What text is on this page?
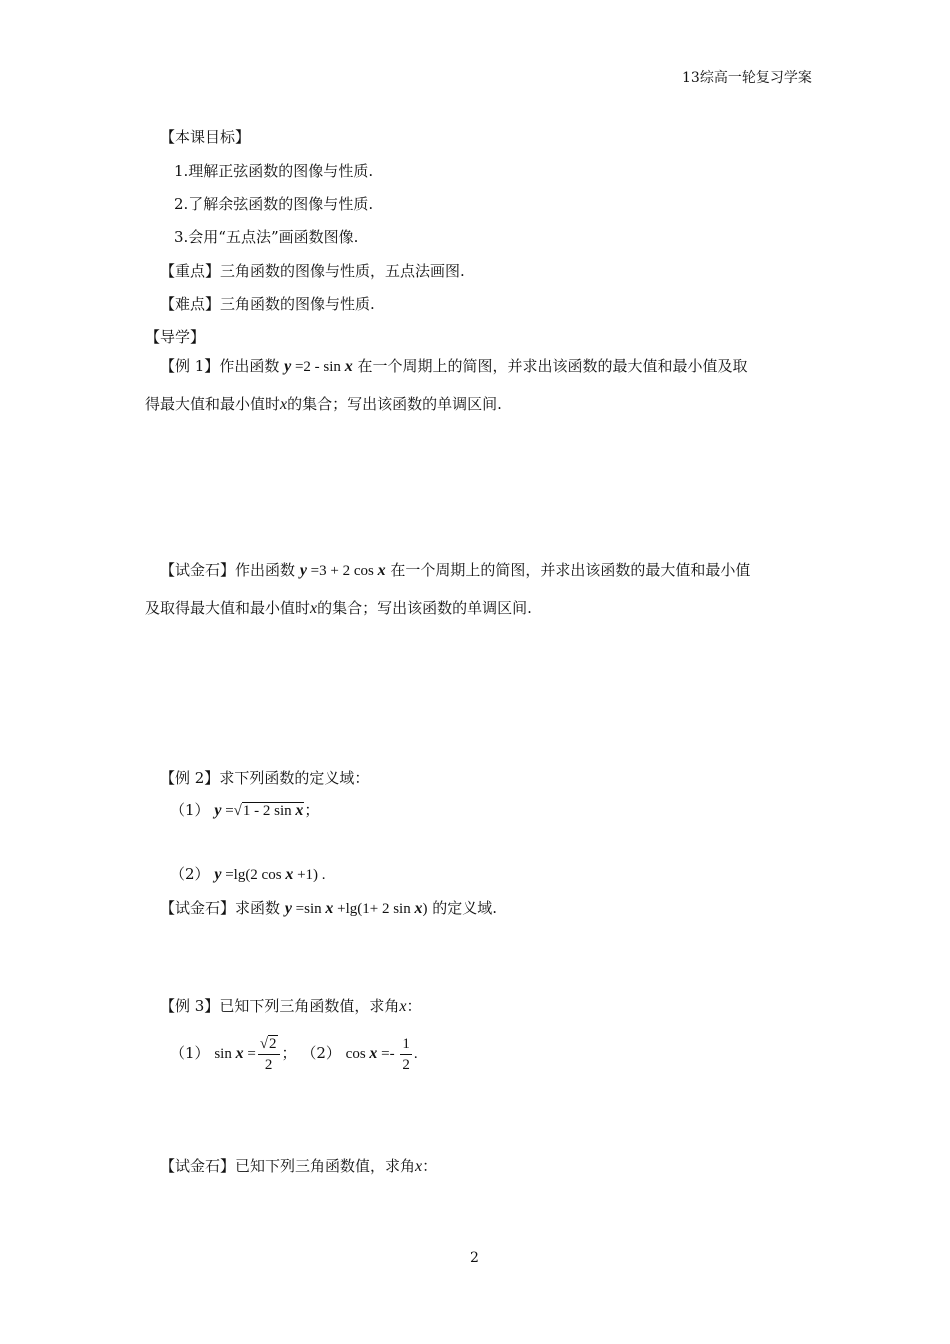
13综高一轮复习学案
【本课目标】
1.理解正弦函数的图像与性质.
2.了解余弦函数的图像与性质.
3.会用“五点法”画函数图像.
【重点】三角函数的图像与性质，五点法画图.
【难点】三角函数的图像与性质.
【导学】
【例 1】作出函数 y =2 - sin x 在一个周期上的简图，并求出该函数的最大值和最小值及取
得最大值和最小值时x的集合；写出该函数的单调区间.
【试金石】作出函数 y =3 + 2 cos x 在一个周期上的简图，并求出该函数的最大值和最小值
及取得最大值和最小值时x的集合；写出该函数的单调区间.
【例 2】求下列函数的定义域：
（1） y =√1 - 2 sin x；
（2） y =lg(2 cos x +1) .
【试金石】求函数 y =sin x +lg(1+ 2 sin x) 的定义域.
【例 3】已知下列三角函数值，求角x：
（1） $\sin x = \frac{√2}{2}$ ； （2） $\cos x =- \frac{1}{2}$ .
【试金石】已知下列三角函数值，求角x：
2
